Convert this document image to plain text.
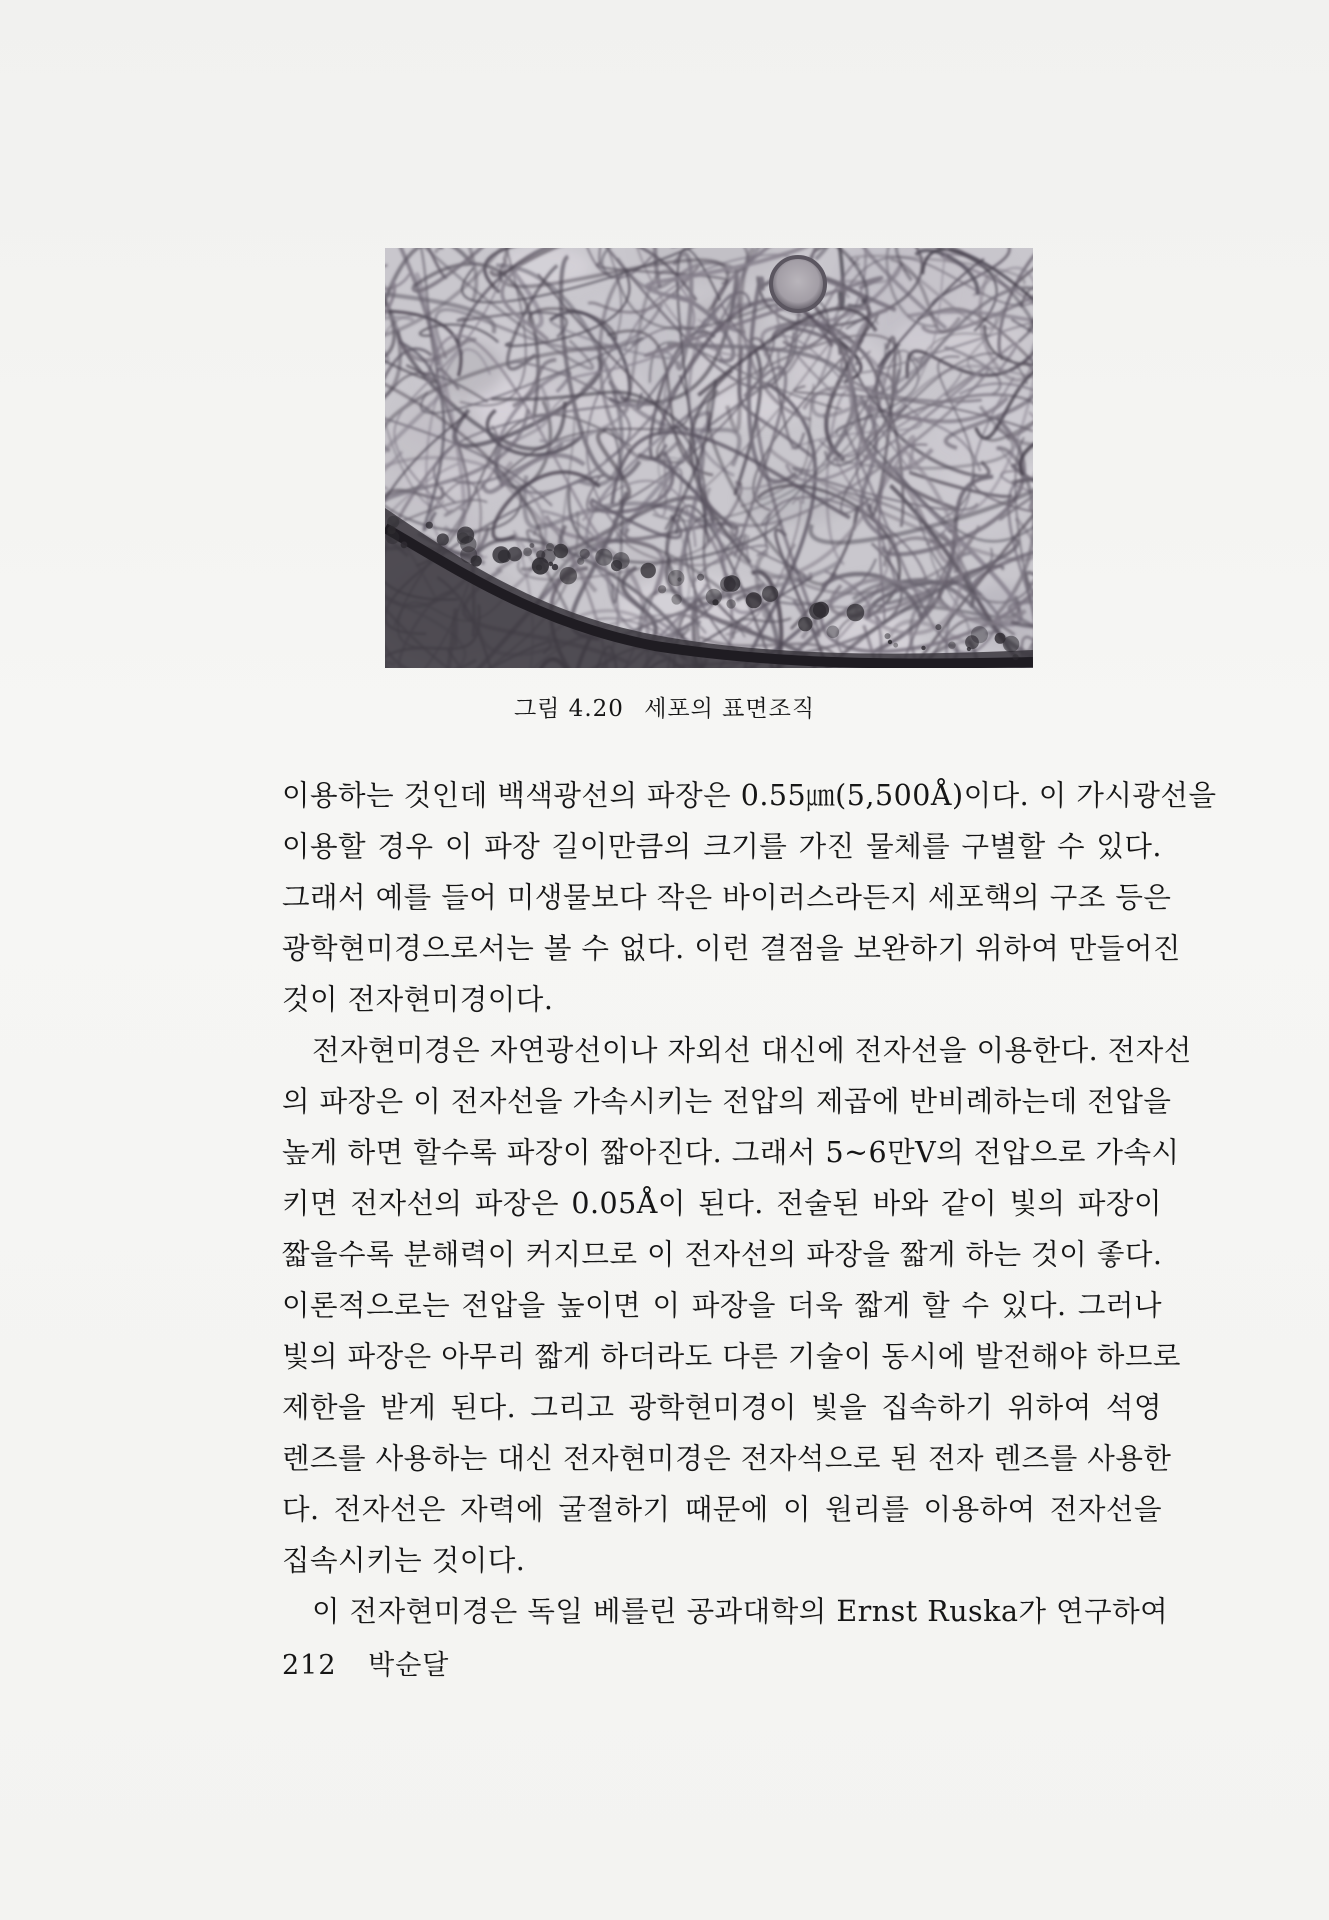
그림 4.20 세포의 표면조직
이용하는 것인데 백색광선의 파장은 0.55㎛(5,500Å)이다. 이 가시광선을
이용할 경우 이 파장 길이만큼의 크기를 가진 물체를 구별할 수 있다.
그래서 예를 들어 미생물보다 작은 바이러스라든지 세포핵의 구조 등은
광학현미경으로서는 볼 수 없다. 이런 결점을 보완하기 위하여 만들어진
것이 전자현미경이다.
전자현미경은 자연광선이나 자외선 대신에 전자선을 이용한다. 전자선
의 파장은 이 전자선을 가속시키는 전압의 제곱에 반비례하는데 전압을
높게 하면 할수록 파장이 짧아진다. 그래서 5~6만V의 전압으로 가속시
키면 전자선의 파장은 0.05Å이 된다. 전술된 바와 같이 빛의 파장이
짧을수록 분해력이 커지므로 이 전자선의 파장을 짧게 하는 것이 좋다.
이론적으로는 전압을 높이면 이 파장을 더욱 짧게 할 수 있다. 그러나
빛의 파장은 아무리 짧게 하더라도 다른 기술이 동시에 발전해야 하므로
제한을 받게 된다. 그리고 광학현미경이 빛을 집속하기 위하여 석영
렌즈를 사용하는 대신 전자현미경은 전자석으로 된 전자 렌즈를 사용한
다. 전자선은 자력에 굴절하기 때문에 이 원리를 이용하여 전자선을
집속시키는 것이다.
이 전자현미경은 독일 베를린 공과대학의 Ernst Ruska가 연구하여
212 박순달
